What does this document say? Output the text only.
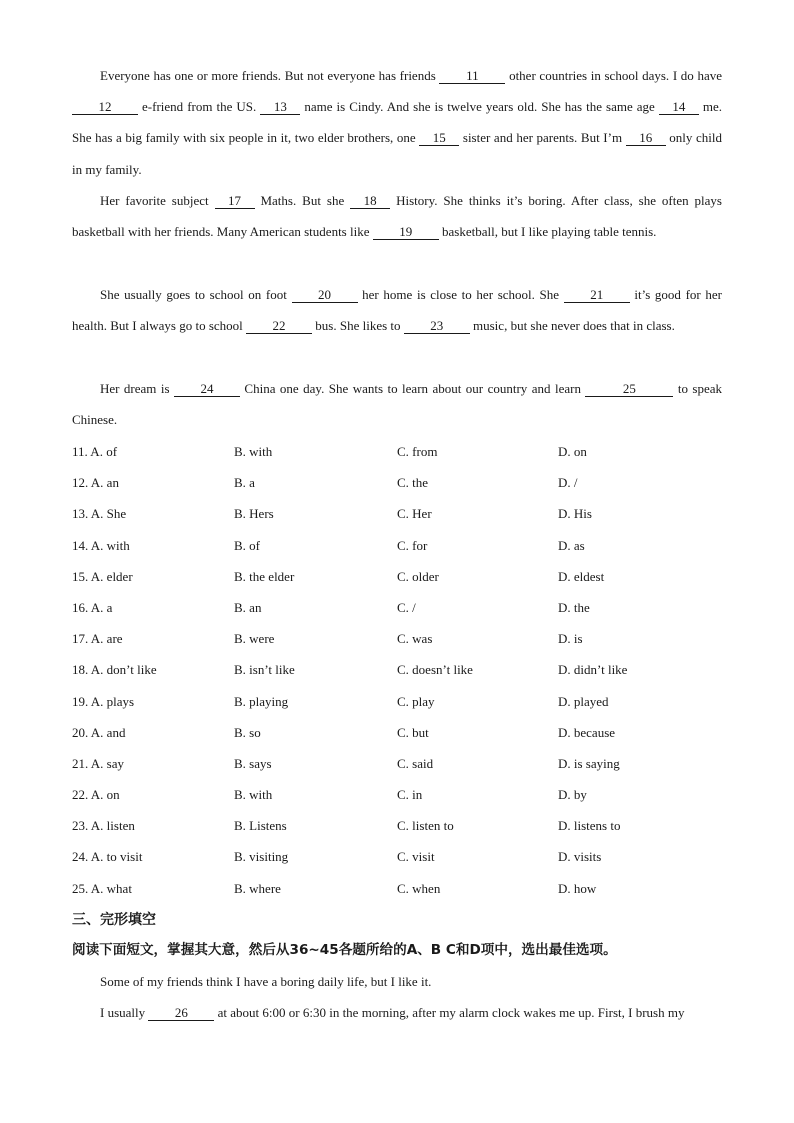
Everyone has one or more friends. But not everyone has friends 11 other countries in school days. I do have 12 e-friend from the US. 13 name is Cindy. And she is twelve years old. She has the same age 14 me. She has a big family with six people in it, two elder brothers, one 15 sister and her parents. But I’m 16 only child in my family.

Her favorite subject 17 Maths. But she 18 History. She thinks it’s boring. After class, she often plays basketball with her friends. Many American students like 19 basketball, but I like playing table tennis.

She usually goes to school on foot 20 her home is close to her school. She 21 it’s good for her health. But I always go to school 22 bus. She likes to 23 music, but she never does that in class.

Her dream is 24 China one day. She wants to learn about our country and learn	25	to speak Chinese.

11. A. of	B. with	C. from	D. on
12. A. an	B. a	C. the	D. /
13. A. She	B. Hers	C. Her	D. His
14. A. with	B. of	C. for	D. as
15. A. elder	B. the elder	C. older	D. eldest
16. A. a	B. an	C. /	D. the
17. A. are	B. were	C. was	D. is
18. A. don’t like	B. isn’t like	C. doesn’t like	D. didn’t like
19. A. plays	B. playing	C. play	D. played
20. A. and	B. so	C. but	D. because
21. A. say	B. says	C. said	D. is saying
22. A. on	B. with	C. in	D. by
23. A. listen	B. Listens	C. listen to	D. listens to
24. A. to visit	B. visiting	C. visit	D. visits
25. A. what	B. where	C. when	D. how
三、完形填空
阅读下面短文，掌握其大意，然后从36~45各题所给的A、B C和D项中，选出最佳选项。

Some of my friends think I have a boring daily life, but I like it.

I usually 26 at about 6:00 or 6:30 in the morning, after my alarm clock wakes me up. First, I brush my
